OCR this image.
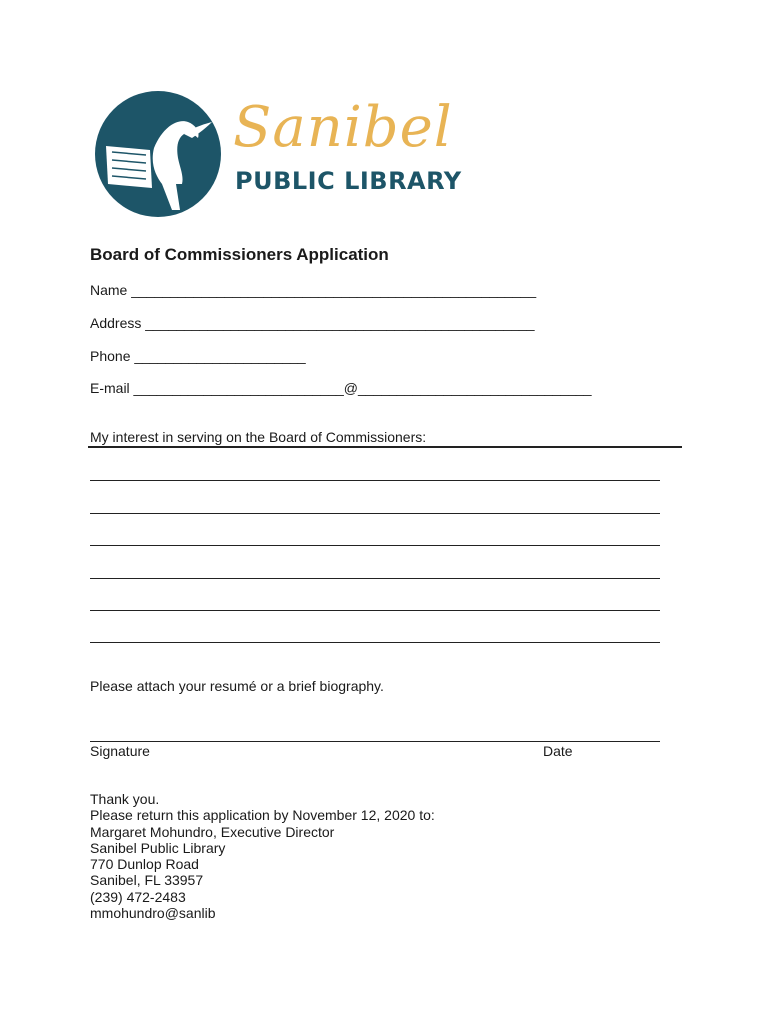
Sanibel
PUBLIC LIBRARY
Board of Commissioners Application
Name ____________________________________________________
Address __________________________________________________
Phone ______________________
E-mail ___________________________@______________________________
My interest in serving on the Board of Commissioners:
Please attach your resumé or a brief biography.
Signature	Date
Thank you.
Please return this application by November 12, 2020 to:
Margaret Mohundro, Executive Director
Sanibel Public Library
770 Dunlop Road
Sanibel, FL 33957
(239) 472-2483
mmohundro@sanlib
